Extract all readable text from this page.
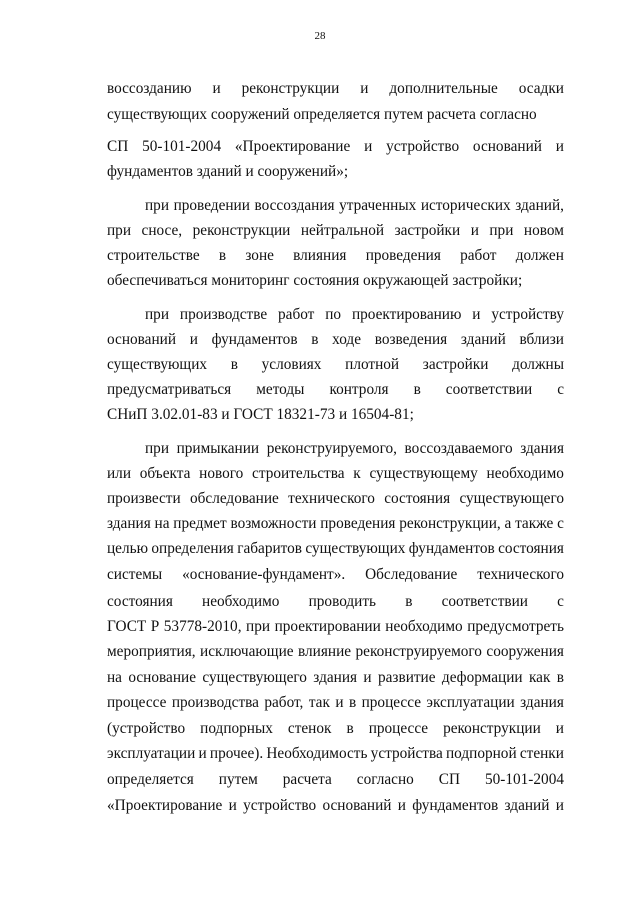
28
воссозданию и реконструкции и дополнительные осадки
существующих сооружений определяется путем расчета согласно
СП 50-101-2004 «Проектирование и устройство оснований и
фундаментов зданий и сооружений»;
при проведении воссоздания утраченных исторических зданий,
при сносе, реконструкции нейтральной застройки и при новом
строительстве в зоне влияния проведения работ должен
обеспечиваться мониторинг состояния окружающей застройки;
при производстве работ по проектированию и устройству
оснований и фундаментов в ходе возведения зданий вблизи
существующих в условиях плотной застройки должны
предусматриваться методы контроля в соответствии с
СНиП 3.02.01-83 и ГОСТ 18321-73 и 16504-81;
при примыкании реконструируемого, воссоздаваемого здания
или объекта нового строительства к существующему необходимо
произвести обследование технического состояния существующего
здания на предмет возможности проведения реконструкции, а также с
целью определения габаритов существующих фундаментов состояния
системы «основание-фундамент». Обследование технического
состояния необходимо проводить в соответствии с
ГОСТ Р 53778-2010, при проектировании необходимо предусмотреть
мероприятия, исключающие влияние реконструируемого сооружения
на основание существующего здания и развитие деформации как в
процессе производства работ, так и в процессе эксплуатации здания
(устройство подпорных стенок в процессе реконструкции и
эксплуатации и прочее). Необходимость устройства подпорной стенки
определяется путем расчета согласно СП 50-101-2004
«Проектирование и устройство оснований и фундаментов зданий и
